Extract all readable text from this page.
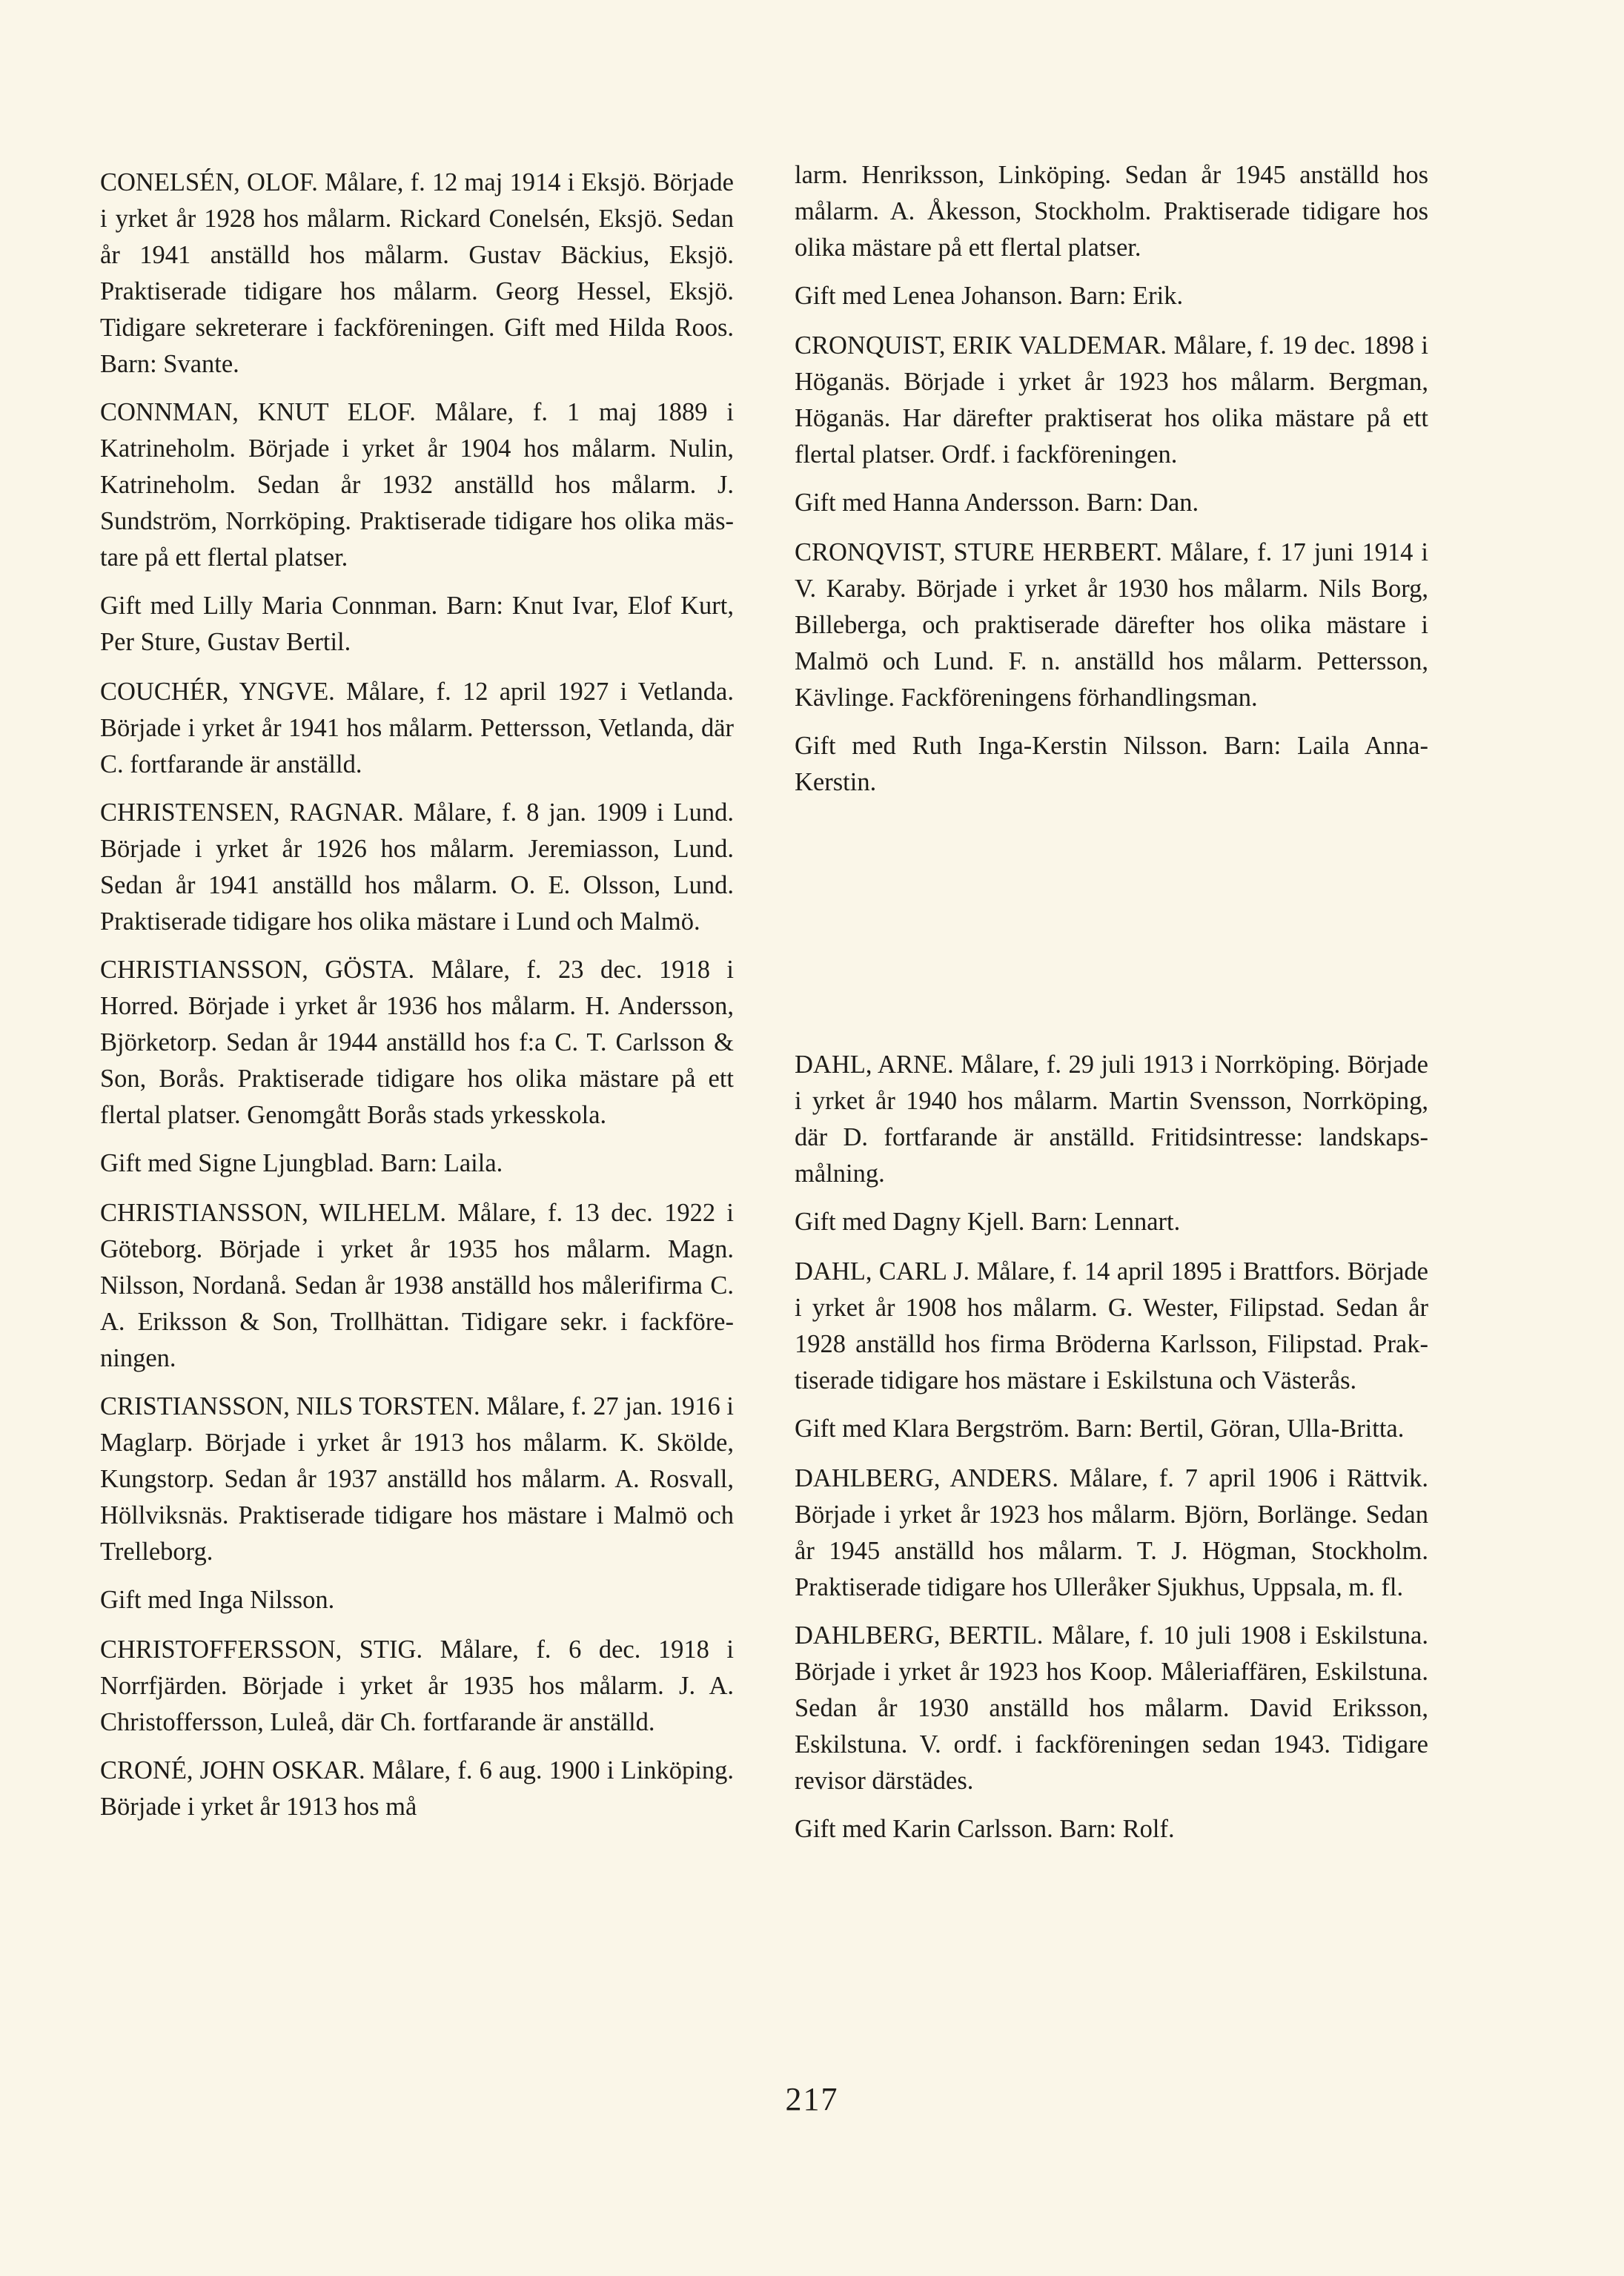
CONELSÉN, OLOF. Målare, f. 12 maj 1914 i Eksjö. Började i yrket år 1928 hos målarm. Rickard Conelsén, Eksjö. Sedan år 1941 anställd hos målarm. Gustav Bäckius, Eksjö. Praktiserade tidigare hos målarm. Georg Hessel, Eksjö. Tidigare sekreterare i fackföreningen. Gift med Hilda Roos. Barn: Svante.

CONNMAN, KNUT ELOF. Målare, f. 1 maj 1889 i Katrineholm. Började i yrket år 1904 hos målarm. Nulin, Katrineholm. Sedan år 1932 anställd hos målarm. J. Sundström, Norrköping. Praktiserade tidigare hos olika mästare på ett flertal platser.

Gift med Lilly Maria Connman. Barn: Knut Ivar, Elof Kurt, Per Sture, Gustav Bertil.

COUCHÉR, YNGVE. Målare, f. 12 april 1927 i Vetlanda. Började i yrket år 1941 hos målarm. Pettersson, Vetlanda, där C. fortfarande är anställd.

CHRISTENSEN, RAGNAR. Målare, f. 8 jan. 1909 i Lund. Började i yrket år 1926 hos målarm. Jeremiasson, Lund. Sedan år 1941 anställd hos målarm. O. E. Olsson, Lund. Praktiserade tidigare hos olika mästare i Lund och Malmö.

CHRISTIANSSON, GÖSTA. Målare, f. 23 dec. 1918 i Horred. Började i yrket år 1936 hos målarm. H. Andersson, Björketorp. Sedan år 1944 anställd hos f:a C. T. Carlsson & Son, Borås. Praktiserade tidigare hos olika mästare på ett flertal platser. Genomgått Borås stads yrkesskola.

Gift med Signe Ljungblad. Barn: Laila.

CHRISTIANSSON, WILHELM. Målare, f. 13 dec. 1922 i Göteborg. Började i yrket år 1935 hos målarm. Magn. Nilsson, Nordanå. Sedan år 1938 anställd hos målerifirma C. A. Eriksson & Son, Trollhättan. Tidigare sekr. i fackföreningen.

CRISTIANSSON, NILS TORSTEN. Målare, f. 27 jan. 1916 i Maglarp. Började i yrket år 1913 hos målarm. K. Skölde, Kungstorp. Sedan år 1937 anställd hos målarm. A. Rosvall, Höllviksnäs. Praktiserade tidigare hos mästare i Malmö och Trelleborg.

Gift med Inga Nilsson.

CHRISTOFFERSSON, STIG. Målare, f. 6 dec. 1918 i Norrfjärden. Började i yrket år 1935 hos målarm. J. A. Christoffersson, Luleå, där Ch. fortfarande är anställd.

CRONÉ, JOHN OSKAR. Målare, f. 6 aug. 1900 i Linköping. Började i yrket år 1913 hos må

larm. Henriksson, Linköping. Sedan år 1945 anställd hos målarm. A. Åkesson, Stockholm. Praktiserade tidigare hos olika mästare på ett flertal platser.

Gift med Lenea Johanson. Barn: Erik.

CRONQUIST, ERIK VALDEMAR. Målare, f. 19 dec. 1898 i Höganäs. Började i yrket år 1923 hos målarm. Bergman, Höganäs. Har därefter praktiserat hos olika mästare på ett flertal platser. Ordf. i fackföreningen.

Gift med Hanna Andersson. Barn: Dan.

CRONQVIST, STURE HERBERT. Målare, f. 17 juni 1914 i V. Karaby. Började i yrket år 1930 hos målarm. Nils Borg, Billeberga, och praktiserade därefter hos olika mästare i Malmö och Lund. F. n. anställd hos målarm. Pettersson, Kävlinge. Fackföreningens förhandlingsman.

Gift med Ruth Inga-Kerstin Nilsson. Barn: Laila Anna-Kerstin.

DAHL, ARNE. Målare, f. 29 juli 1913 i Norrköping. Började i yrket år 1940 hos målarm. Martin Svensson, Norrköping, där D. fortfarande är anställd. Fritidsintresse: landskapsmålning.

Gift med Dagny Kjell. Barn: Lennart.

DAHL, CARL J. Målare, f. 14 april 1895 i Brattfors. Började i yrket år 1908 hos målarm. G. Wester, Filipstad. Sedan år 1928 anställd hos firma Bröderna Karlsson, Filipstad. Praktiserade tidigare hos mästare i Eskilstuna och Västerås.

Gift med Klara Bergström. Barn: Bertil, Göran, Ulla-Britta.

DAHLBERG, ANDERS. Målare, f. 7 april 1906 i Rättvik. Började i yrket år 1923 hos målarm. Björn, Borlänge. Sedan år 1945 anställd hos målarm. T. J. Högman, Stockholm. Praktiserade tidigare hos Ulleråker Sjukhus, Uppsala, m. fl.

DAHLBERG, BERTIL. Målare, f. 10 juli 1908 i Eskilstuna. Började i yrket år 1923 hos Koop. Måleriaffären, Eskilstuna. Sedan år 1930 anställd hos målarm. David Eriksson, Eskilstuna. V. ordf. i fackföreningen sedan 1943. Tidigare revisor därstädes.

Gift med Karin Carlsson. Barn: Rolf.

217
